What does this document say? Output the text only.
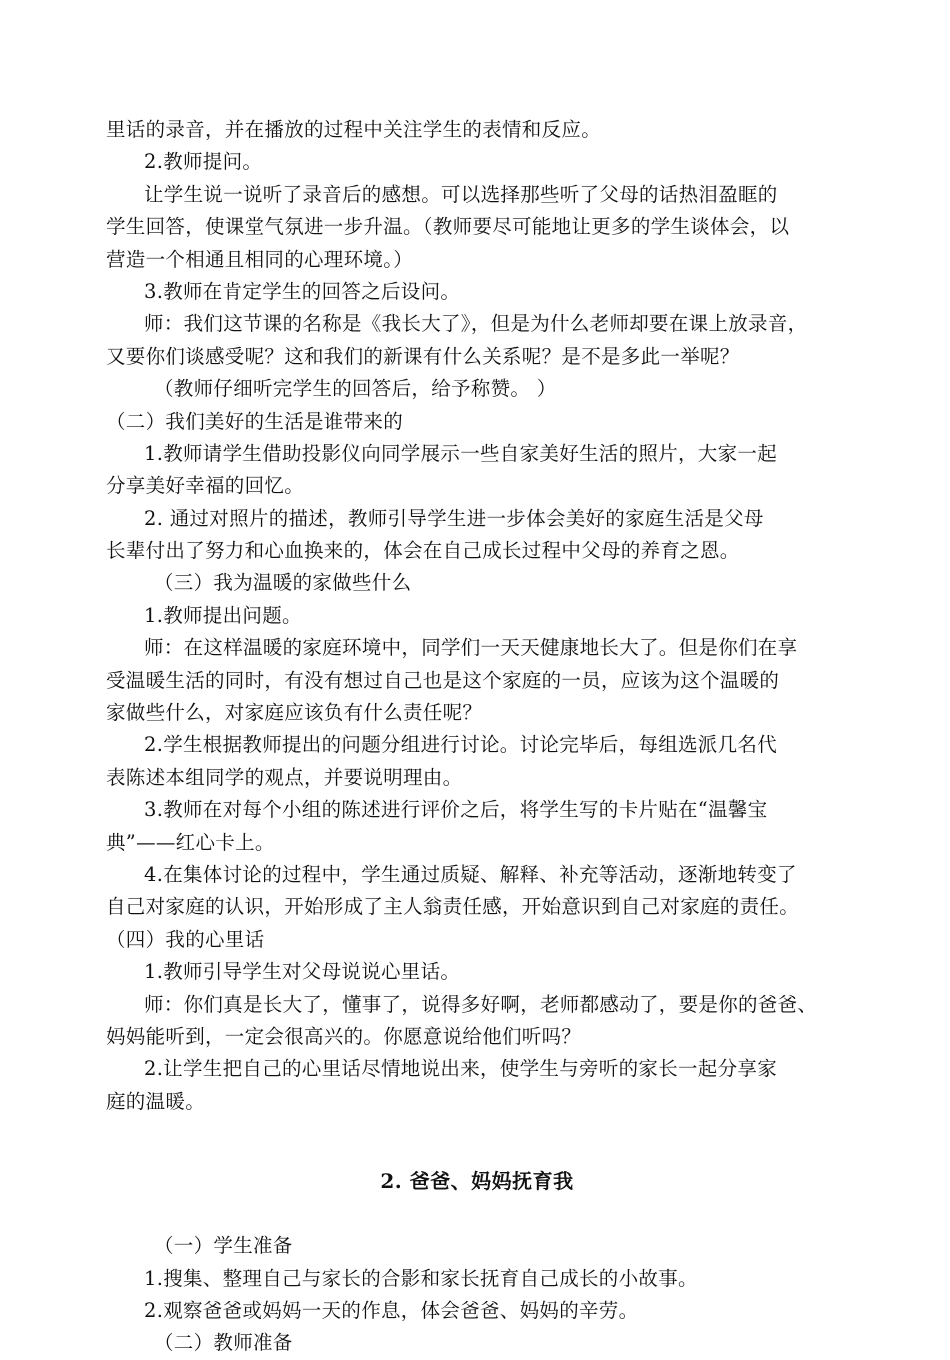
里话的录音，并在播放的过程中关注学生的表情和反应。
2.教师提问。
让学生说一说听了录音后的感想。可以选择那些听了父母的话热泪盈眶的
学生回答，使课堂气氛进一步升温。（教师要尽可能地让更多的学生谈体会，以
营造一个相通且相同的心理环境。）
3.教师在肯定学生的回答之后设问。
师：我们这节课的名称是《我长大了》，但是为什么老师却要在课上放录音，
又要你们谈感受呢？这和我们的新课有什么关系呢？是不是多此一举呢？
（教师仔细听完学生的回答后，给予称赞。 ）
（二）我们美好的生活是谁带来的
1.教师请学生借助投影仪向同学展示一些自家美好生活的照片，大家一起
分享美好幸福的回忆。
2. 通过对照片的描述，教师引导学生进一步体会美好的家庭生活是父母
长辈付出了努力和心血换来的，体会在自己成长过程中父母的养育之恩。
（三）我为温暖的家做些什么
1.教师提出问题。
师：在这样温暖的家庭环境中，同学们一天天健康地长大了。但是你们在享
受温暖生活的同时，有没有想过自己也是这个家庭的一员，应该为这个温暖的
家做些什么，对家庭应该负有什么责任呢？
2.学生根据教师提出的问题分组进行讨论。讨论完毕后，每组选派几名代
表陈述本组同学的观点，并要说明理由。
3.教师在对每个小组的陈述进行评价之后，将学生写的卡片贴在“温馨宝
典”——红心卡上。
4.在集体讨论的过程中，学生通过质疑、解释、补充等活动，逐渐地转变了
自己对家庭的认识，开始形成了主人翁责任感，开始意识到自己对家庭的责任。
（四）我的心里话
1.教师引导学生对父母说说心里话。
师：你们真是长大了，懂事了，说得多好啊，老师都感动了，要是你的爸爸、
妈妈能听到，一定会很高兴的。你愿意说给他们听吗？
2.让学生把自己的心里话尽情地说出来，使学生与旁听的家长一起分享家
庭的温暖。
2. 爸爸、妈妈抚育我
（一）学生准备
1.搜集、整理自己与家长的合影和家长抚育自己成长的小故事。
2.观察爸爸或妈妈一天的作息，体会爸爸、妈妈的辛劳。
（二）教师准备
